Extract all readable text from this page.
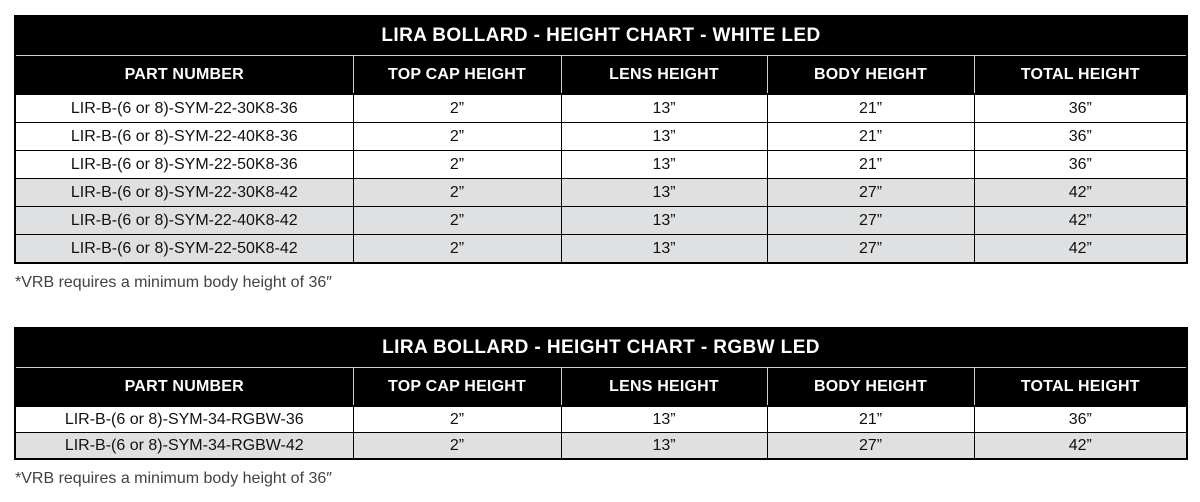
LIRA BOLLARD - HEIGHT CHART - WHITE LED				
PART NUMBER	TOP CAP HEIGHT	LENS HEIGHT	BODY HEIGHT	TOTAL HEIGHT
LIR-B-(6 or 8)-SYM-22-30K8-36	2”	13”	21”	36”
LIR-B-(6 or 8)-SYM-22-40K8-36	2”	13”	21”	36”
LIR-B-(6 or 8)-SYM-22-50K8-36	2”	13”	21”	36”
LIR-B-(6 or 8)-SYM-22-30K8-42	2”	13”	27”	42”
LIR-B-(6 or 8)-SYM-22-40K8-42	2”	13”	27”	42”
LIR-B-(6 or 8)-SYM-22-50K8-42	2”	13”	27”	42”

*VRB requires a minimum body height of 36″

LIRA BOLLARD - HEIGHT CHART - RGBW LED				
PART NUMBER	TOP CAP HEIGHT	LENS HEIGHT	BODY HEIGHT	TOTAL HEIGHT
LIR-B-(6 or 8)-SYM-34-RGBW-36	2”	13”	21”	36”
LIR-B-(6 or 8)-SYM-34-RGBW-42	2”	13”	27”	42”

*VRB requires a minimum body height of 36″
